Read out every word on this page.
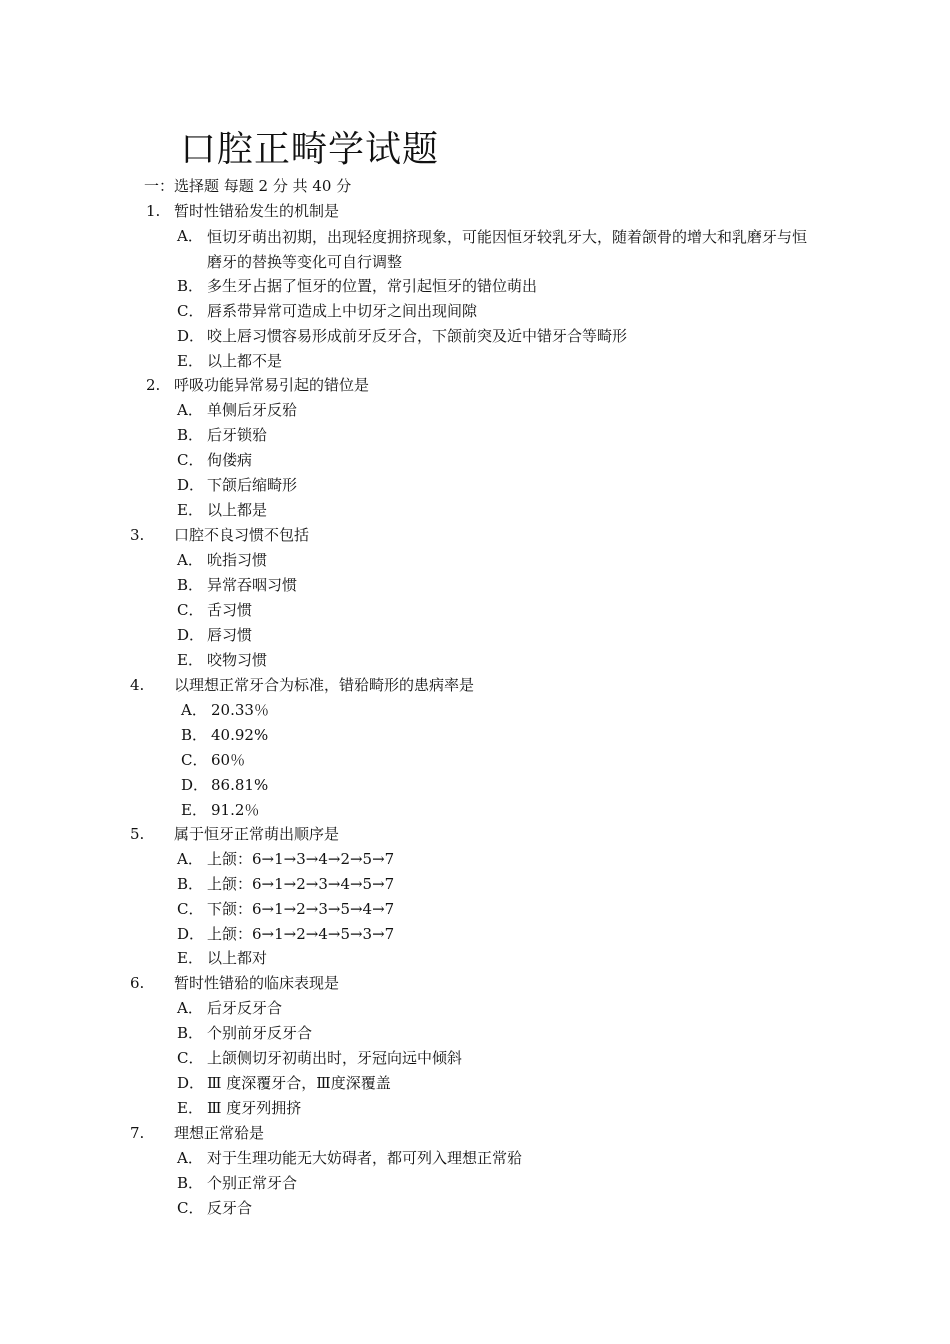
口腔正畸学试题
一：选择题 每题 2 分 共 40 分
1. 暂时性错𬌗发生的机制是
A． 恒切牙萌出初期，出现轻度拥挤现象，可能因恒牙较乳牙大，随着颌骨的增大和乳磨牙与恒磨牙的替换等变化可自行调整
B． 多生牙占据了恒牙的位置，常引起恒牙的错位萌出
C． 唇系带异常可造成上中切牙之间出现间隙
D． 咬上唇习惯容易形成前牙反牙合，下颌前突及近中错牙合等畸形
E． 以上都不是
2. 呼吸功能异常易引起的错位是
A． 单侧后牙反𬌗
B． 后牙锁𬌗
C． 佝偻病
D． 下颌后缩畸形
E． 以上都是
3. 口腔不良习惯不包括
A． 吮指习惯
B． 异常吞咽习惯
C． 舌习惯
D． 唇习惯
E． 咬物习惯
4. 以理想正常牙合为标准，错𬌗畸形的患病率是
A． 20.33％
B． 40.92%
C． 60％
D． 86.81%
E． 91.2％
5. 属于恒牙正常萌出顺序是
A． 上颌：6→1→3→4→2→5→7
B． 上颌：6→1→2→3→4→5→7
C． 下颌：6→1→2→3→5→4→7
D． 上颌：6→1→2→4→5→3→7
E． 以上都对
6. 暂时性错𬌗的临床表现是
A． 后牙反牙合
B． 个别前牙反牙合
C． 上颌侧切牙初萌出时，牙冠向远中倾斜
D． Ⅲ 度深覆牙合，Ⅲ度深覆盖
E． Ⅲ 度牙列拥挤
7. 理想正常𬌗是
A． 对于生理功能无大妨碍者，都可列入理想正常𬌗
B． 个别正常牙合
C． 反牙合
